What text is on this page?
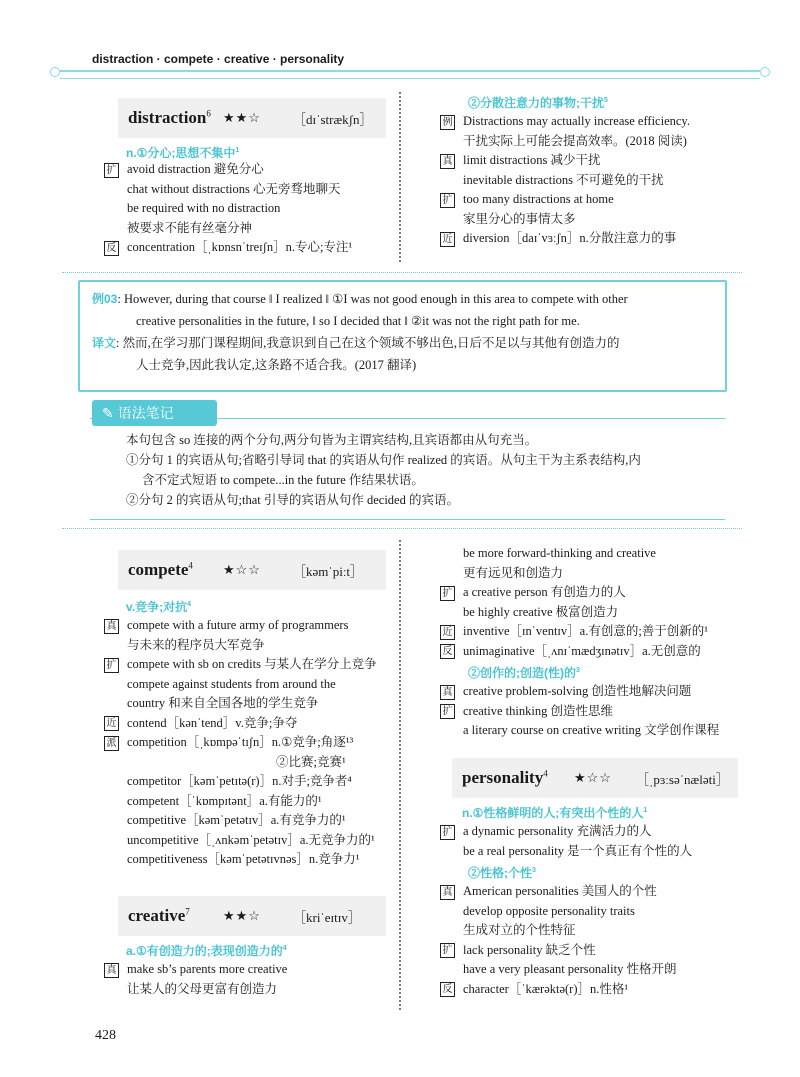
distraction · compete · creative · personality
distraction$^6$ ★★☆	［dɪˈstrækʃn］
n.①分心;思想不集中$^1$
扩 avoid distraction 避免分心
chat without distractions 心无旁骛地聊天
be required with no distraction
被要求不能有丝毫分神
反 concentration［ˌkɒnsnˈtreɪʃn］n.专心;专注¹
②分散注意力的事物;干扰$^5$
例 Distractions may actually increase efficiency.
干扰实际上可能会提高效率。(2018 阅读)
真 limit distractions 减少干扰
inevitable distractions 不可避免的干扰
扩 too many distractions at home
家里分心的事情太多
近 diversion［daɪˈvɜːʃn］n.分散注意力的事
例03: However, during that course ‖ I realized ‖ ①I was not good enough in this area to compete with other
creative personalities in the future, ‖ so I decided that ‖ ②it was not the right path for me.
译文: 然而,在学习那门课程期间,我意识到自己在这个领域不够出色,日后不足以与其他有创造力的
人士竞争,因此我认定,这条路不适合我。(2017 翻译)
✎ 语法笔记
本句包含 so 连接的两个分句,两分句皆为主谓宾结构,且宾语都由从句充当。
①分句 1 的宾语从句;省略引导词 that 的宾语从句作 realized 的宾语。从句主干为主系表结构,内
含不定式短语 to compete...in the future 作结果状语。
②分句 2 的宾语从句;that 引导的宾语从句作 decided 的宾语。
compete$^4$	★☆☆	［kəmˈpiːt］
v.竞争;对抗$^4$
真 compete with a future army of programmers
与未来的程序员大军竞争
扩 compete with sb on credits 与某人在学分上竞争
compete against students from around the
country 和来自全国各地的学生竞争
近 contend［kənˈtend］v.竞争;争夺
派 competition［ˌkɒmpəˈtɪʃn］n.①竞争;角逐¹³
②比赛;竞赛¹
competitor［kəmˈpetɪtə(r)］n.对手;竞争者⁴
competent［ˈkɒmpɪtənt］a.有能力的¹
competitive［kəmˈpetətɪv］a.有竞争力的¹
uncompetitive［ˌʌnkəmˈpetətɪv］a.无竞争力的¹
competitiveness［kəmˈpetətɪvnəs］n.竞争力¹
creative$^7$	★★☆	［kriˈeɪtɪv］
a.①有创造力的;表现创造力的$^4$
真 make sb’s parents more creative
让某人的父母更富有创造力
be more forward-thinking and creative
更有远见和创造力
扩 a creative person 有创造力的人
be highly creative 极富创造力
近 inventive［ɪnˈventɪv］a.有创意的;善于创新的¹
反 unimaginative［ˌʌnɪˈmædʒɪnətɪv］a.无创意的
②创作的;创造(性)的$^3$
真 creative problem-solving 创造性地解决问题
扩 creative thinking 创造性思维
a literary course on creative writing 文学创作课程
personality$^4$	★☆☆	［ˌpɜːsəˈnæləti］
n.①性格鲜明的人;有突出个性的人$^1$
扩 a dynamic personality 充满活力的人
be a real personality 是一个真正有个性的人
②性格;个性$^3$
真 American personalities 美国人的个性
develop opposite personality traits
生成对立的个性特征
扩 lack personality 缺乏个性
have a very pleasant personality 性格开朗
反 character［ˈkærəktə(r)］n.性格¹
428
